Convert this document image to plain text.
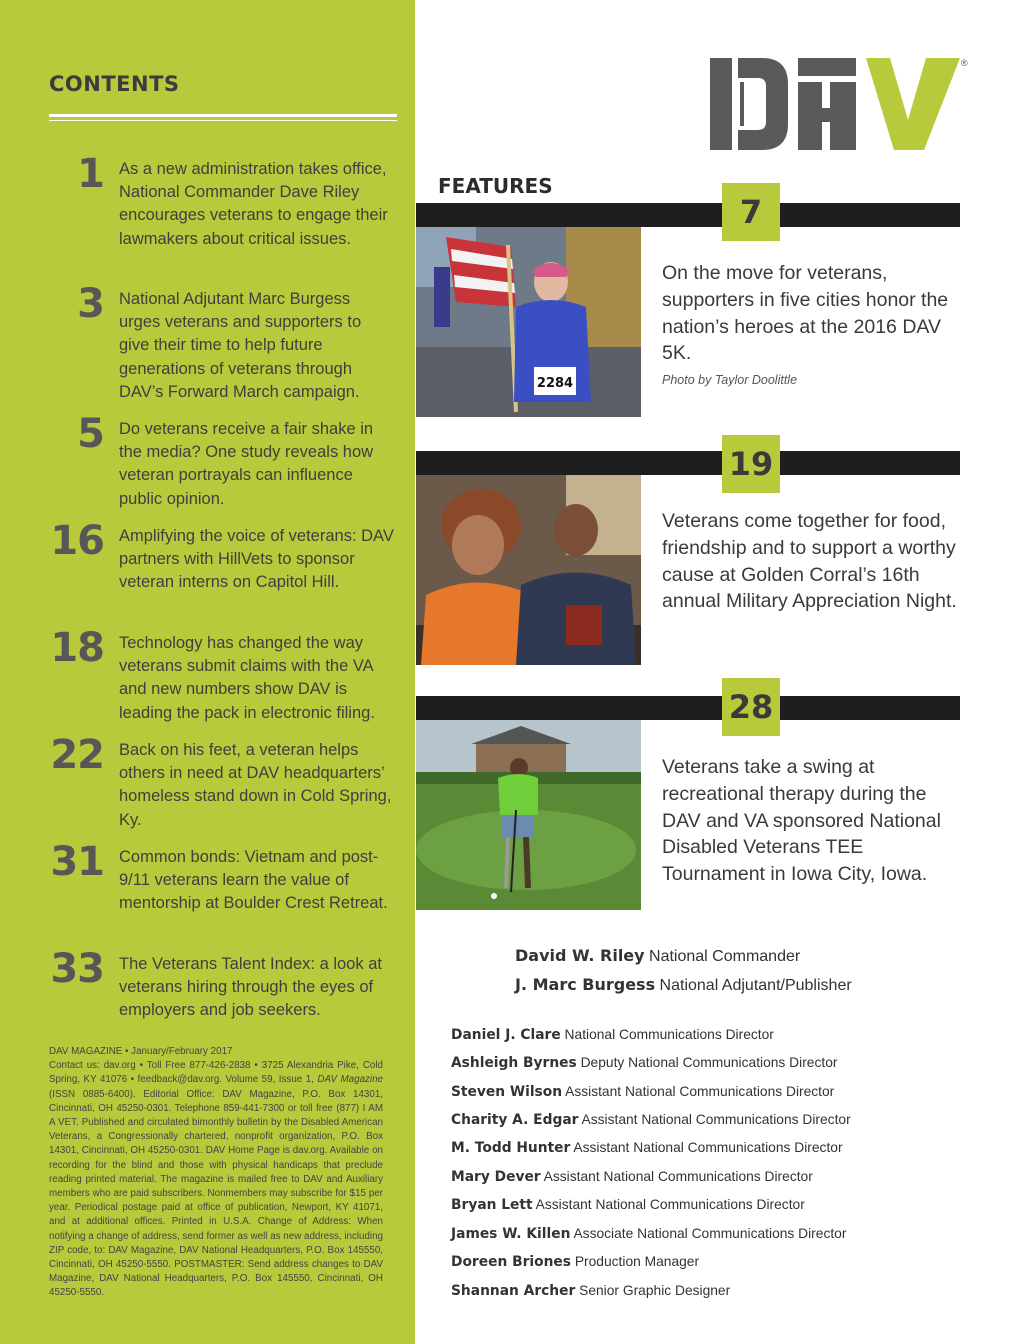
CONTENTS
1 As a new administration takes office, National Commander Dave Riley encourages veterans to engage their lawmakers about critical issues.
3 National Adjutant Marc Burgess urges veterans and supporters to give their time to help future generations of veterans through DAV’s Forward March campaign.
5 Do veterans receive a fair shake in the media? One study reveals how veteran portrayals can influence public opinion.
16 Amplifying the voice of veterans: DAV partners with HillVets to sponsor veteran interns on Capitol Hill.
18 Technology has changed the way veterans submit claims with the VA and new numbers show DAV is leading the pack in electronic filing.
22 Back on his feet, a veteran helps others in need at DAV headquarters’ homeless stand down in Cold Spring, Ky.
31 Common bonds: Vietnam and post-9/11 veterans learn the value of mentorship at Boulder Crest Retreat.
33 The Veterans Talent Index: a look at veterans hiring through the eyes of employers and job seekers.
DAV MAGAZINE • January/February 2017
Contact us: dav.org • Toll Free 877-426-2838 • 3725 Alexandria Pike, Cold Spring, KY 41076 • feedback@dav.org. Volume 59, Issue 1, DAV Magazine (ISSN 0885-6400). Editorial Office: DAV Magazine, P.O. Box 14301, Cincinnati, OH 45250-0301. Telephone 859-441-7300 or toll free (877) I AM A VET. Published and circulated bimonthly bulletin by the Disabled American Veterans, a Congressionally chartered, nonprofit organization, P.O. Box 14301, Cincinnati, OH 45250-0301. DAV Home Page is dav.org. Available on recording for the blind and those with physical handicaps that preclude reading printed material. The magazine is mailed free to DAV and Auxiliary members who are paid subscribers. Nonmembers may subscribe for $15 per year. Periodical postage paid at office of publication, Newport, KY 41071, and at additional offices. Printed in U.S.A. Change of Address: When notifying a change of address, send former as well as new address, including ZIP code, to: DAV Magazine, DAV National Headquarters, P.O. Box 145550, Cincinnati, OH 45250-5550. POSTMASTER: Send address changes to DAV Magazine, DAV National Headquarters, P.O. Box 145550, Cincinnati, OH 45250-5550.
®
FEATURES
7
2284
On the move for veterans, supporters in five cities honor the nation’s heroes at the 2016 DAV 5K.
Photo by Taylor Doolittle
19
Veterans come together for food, friendship and to support a worthy cause at Golden Corral’s 16th annual Military Appreciation Night.
28
Veterans take a swing at recreational therapy during the DAV and VA sponsored National Disabled Veterans TEE Tournament in Iowa City, Iowa.
David W. Riley National Commander
J. Marc Burgess National Adjutant/Publisher
Daniel J. Clare National Communications Director
Ashleigh Byrnes Deputy National Communications Director
Steven Wilson Assistant National Communications Director
Charity A. Edgar Assistant National Communications Director
M. Todd Hunter Assistant National Communications Director
Mary Dever Assistant National Communications Director
Bryan Lett Assistant National Communications Director
James W. Killen Associate National Communications Director
Doreen Briones Production Manager
Shannan Archer Senior Graphic Designer
